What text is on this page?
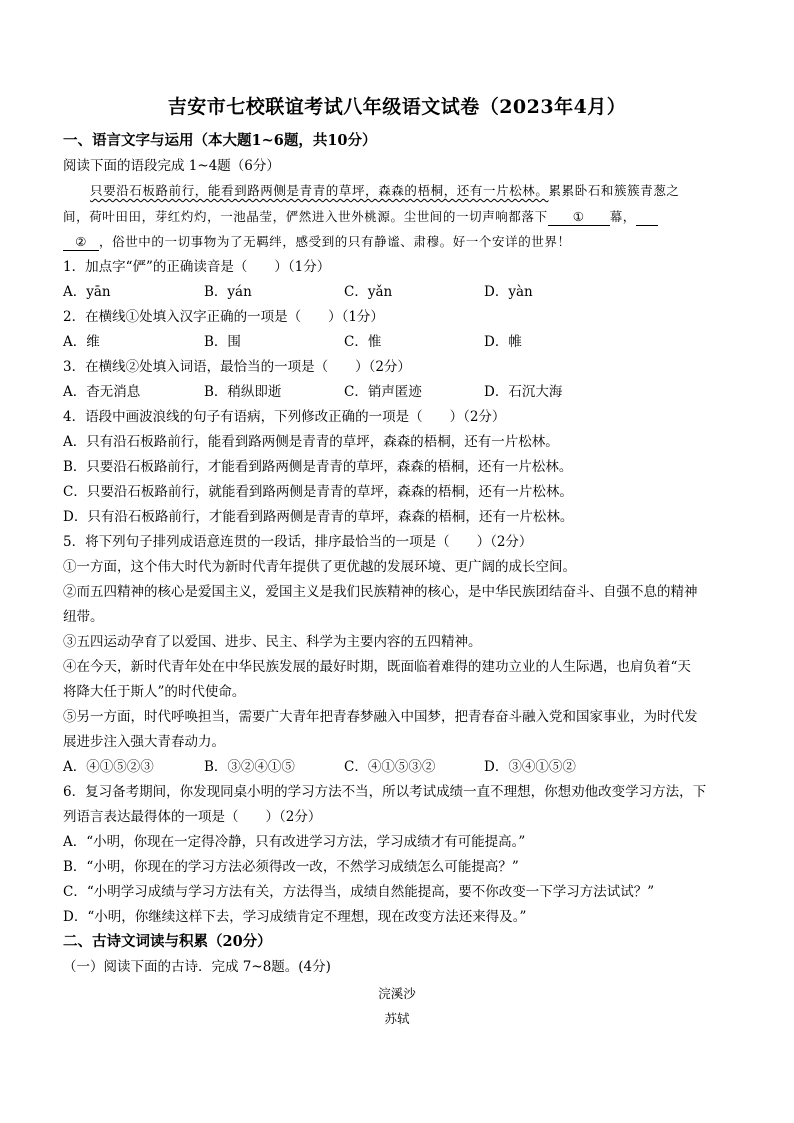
吉安市七校联谊考试八年级语文试卷（2023年4月）
一、语言文字与运用（本大题1~6题，共10分）
阅读下面的语段完成 1~4题（6分）
只要沿石板路前行，能看到路两侧是青青的草坪，森森的梧桐，还有一片松林。累累卧石和簇簇青葱之
间，荷叶田田，芽红灼灼，一池晶莹，俨然进入世外桃源。尘世间的一切声响都落下 ① 幕，
② ，俗世中的一切事物为了无羁绊，感受到的只有静谧、肃穆。好一个安详的世界！
1．加点字“俨”的正确读音是（　　）（1分）
A．yān	B．yán	C．yǎn	D．yàn
2．在横线①处填入汉字正确的一项是（　　）（1分）
A．维	B．围	C．惟	D．帷
3．在横线②处填入词语，最恰当的一项是（　　）（2分）
A．杳无消息	B．稍纵即逝	C．销声匿迹	D．石沉大海
4．语段中画波浪线的句子有语病，下列修改正确的一项是（　　）（2分）
A．只有沿石板路前行，能看到路两侧是青青的草坪，森森的梧桐，还有一片松林。
B．只要沿石板路前行，才能看到路两侧是青青的草坪，森森的梧桐，还有一片松林。
C．只要沿石板路前行，就能看到路两侧是青青的草坪，森森的梧桐，还有一片松林。
D．只有沿石板路前行，才能看到路两侧是青青的草坪，森森的梧桐，还有一片松林。
5．将下列句子排列成语意连贯的一段话，排序最恰当的一项是（　　）（2分）
①一方面，这个伟大时代为新时代青年提供了更优越的发展环境、更广阔的成长空间。
②而五四精神的核心是爱国主义，爱国主义是我们民族精神的核心，是中华民族团结奋斗、自强不息的精神
纽带。
③五四运动孕育了以爱国、进步、民主、科学为主要内容的五四精神。
④在今天，新时代青年处在中华民族发展的最好时期，既面临着难得的建功立业的人生际遇，也肩负着“天
将降大任于斯人”的时代使命。
⑤另一方面，时代呼唤担当，需要广大青年把青春梦融入中国梦，把青春奋斗融入党和国家事业，为时代发
展进步注入强大青春动力。
A．④①⑤②③	B．③②④①⑤	C．④①⑤③②	D．③④①⑤②
6．复习备考期间，你发现同桌小明的学习方法不当，所以考试成绩一直不理想，你想劝他改变学习方法，下
列语言表达最得体的一项是（　　）（2分）
A．“小明，你现在一定得冷静，只有改进学习方法，学习成绩才有可能提高。”
B．“小明，你现在的学习方法必须得改一改，不然学习成绩怎么可能提高？”
C．“小明学习成绩与学习方法有关，方法得当，成绩自然能提高，要不你改变一下学习方法试试？”
D．“小明，你继续这样下去，学习成绩肯定不理想，现在改变方法还来得及。”
二、古诗文词读与积累（20分）
（一）阅读下面的古诗．完成 7~8题。(4分)
浣溪沙
苏轼
